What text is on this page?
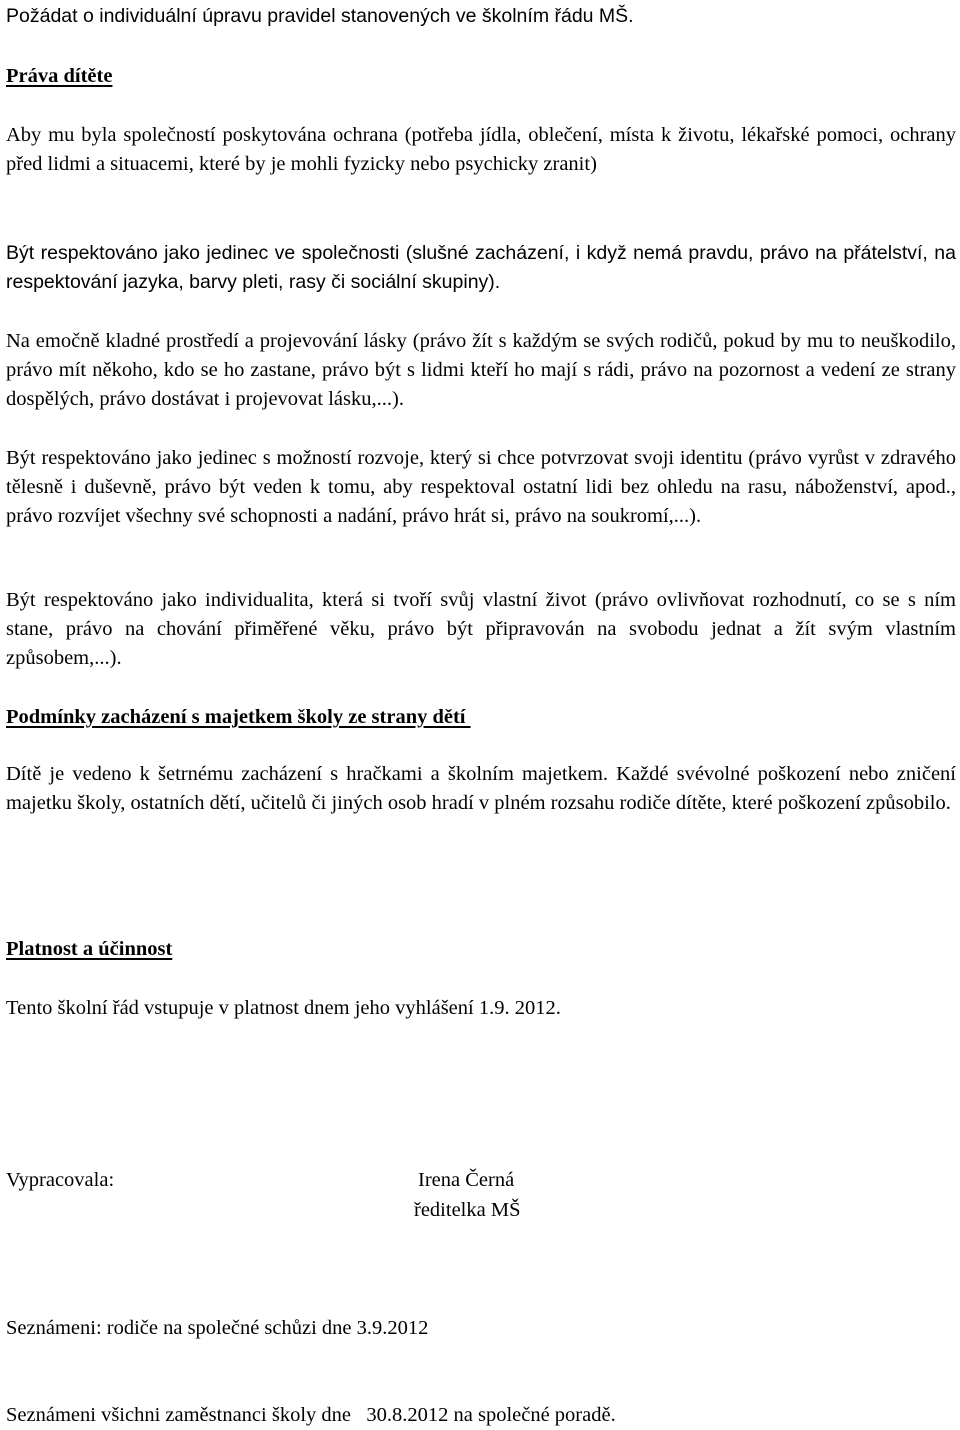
Požádat o individuální úpravu pravidel stanovených ve školním řádu MŠ.

Práva dítěte

Aby mu byla společností poskytována ochrana (potřeba jídla, oblečení, místa k životu, lékařské pomoci, ochrany před lidmi a situacemi, které by je mohli fyzicky nebo psychicky zranit)

Být respektováno jako jedinec ve společnosti (slušné zacházení, i když nemá pravdu, právo na přátelství, na respektování jazyka, barvy pleti, rasy či sociální skupiny).

Na emočně kladné prostředí a projevování lásky (právo žít s každým se svých rodičů, pokud by mu to neuškodilo, právo mít někoho, kdo se ho zastane, právo být s lidmi kteří ho mají s rádi, právo na pozornost a vedení ze strany dospělých, právo dostávat i projevovat lásku,...).

Být respektováno jako jedinec s možností rozvoje, který si chce potvrzovat svoji identitu (právo vyrůst v zdravého tělesně i duševně, právo být veden k tomu, aby respektoval ostatní lidi bez ohledu na rasu, náboženství, apod., právo rozvíjet všechny své schopnosti a nadání, právo hrát si, právo na soukromí,...).

Být respektováno jako individualita, která si tvoří svůj vlastní život (právo ovlivňovat rozhodnutí, co se s ním stane, právo na chování přiměřené věku, právo být připravován na svobodu jednat a žít svým vlastním způsobem,...).

Podmínky zacházení s majetkem školy ze strany dětí

Dítě je vedeno k šetrnému zacházení s hračkami a školním majetkem. Každé svévolné poškození nebo zničení majetku školy, ostatních dětí, učitelů či jiných osob hradí v plném rozsahu rodiče dítěte, které poškození způsobilo.

Platnost a účinnost

Tento školní řád vstupuje v platnost dnem jeho vyhlášení 1.9. 2012.

Vypracovala:	Irena Černá

ředitelka MŠ

Seznámeni: rodiče na společné schůzi dne 3.9.2012

Seznámeni všichni zaměstnanci školy dne   30.8.2012 na společné poradě.
